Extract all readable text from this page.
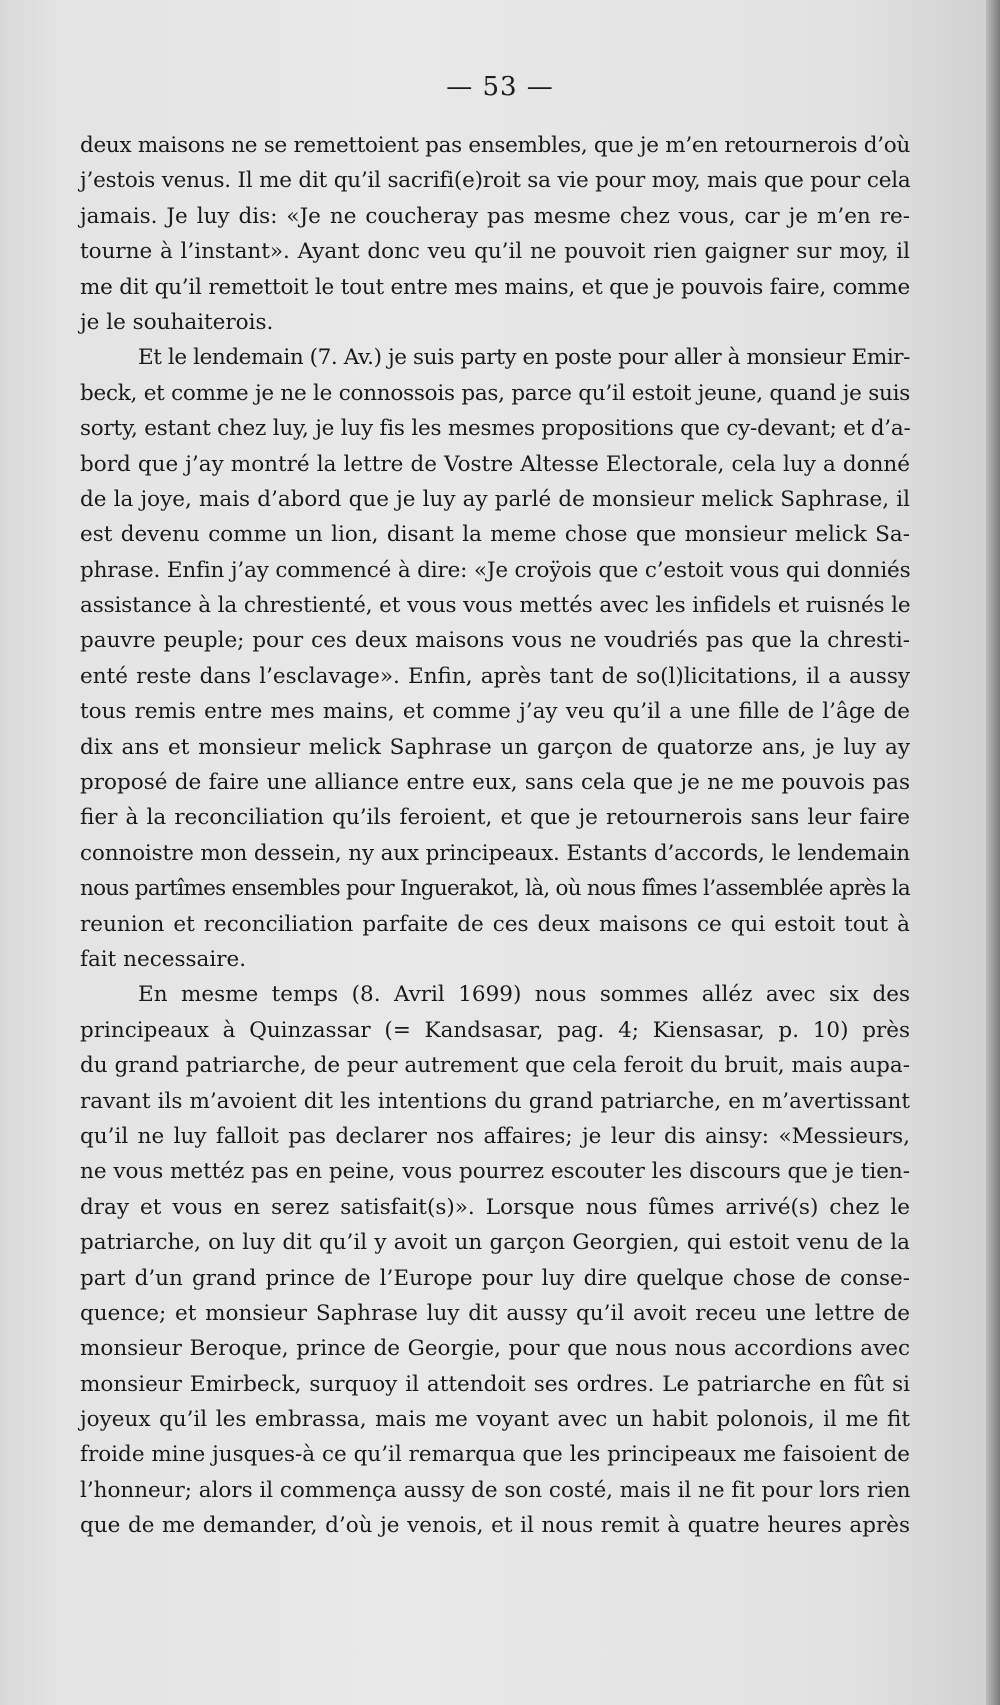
— 53 —
deux maisons ne se remettoient pas ensembles, que je m’en retournerois d’où
j’estois venus. Il me dit qu’il sacrifi(e)roit sa vie pour moy, mais que pour cela
jamais. Je luy dis: «Je ne coucheray pas mesme chez vous, car je m’en re-
tourne à l’instant». Ayant donc veu qu’il ne pouvoit rien gaigner sur moy, il
me dit qu’il remettoit le tout entre mes mains, et que je pouvois faire, comme
je le souhaiterois.
Et le lendemain (7. Av.) je suis party en poste pour aller à monsieur Emir-
beck, et comme je ne le connossois pas, parce qu’il estoit jeune, quand je suis
sorty, estant chez luy, je luy fis les mesmes propositions que cy-devant; et d’a-
bord que j’ay montré la lettre de Vostre Altesse Electorale, cela luy a donné
de la joye, mais d’abord que je luy ay parlé de monsieur melick Saphrase, il
est devenu comme un lion, disant la meme chose que monsieur melick Sa-
phrase. Enfin j’ay commencé à dire: «Je croÿois que c’estoit vous qui donniés
assistance à la chrestienté, et vous vous mettés avec les infidels et ruisnés le
pauvre peuple; pour ces deux maisons vous ne voudriés pas que la chresti-
enté reste dans l’esclavage». Enfin, après tant de so(l)licitations, il a aussy
tous remis entre mes mains, et comme j’ay veu qu’il a une fille de l’âge de
dix ans et monsieur melick Saphrase un garçon de quatorze ans, je luy ay
proposé de faire une alliance entre eux, sans cela que je ne me pouvois pas
fier à la reconciliation qu’ils feroient, et que je retournerois sans leur faire
connoistre mon dessein, ny aux principeaux. Estants d’accords, le lendemain
nous partîmes ensembles pour Inguerakot, là, où nous fîmes l’assemblée après la
reunion et reconciliation parfaite de ces deux maisons ce qui estoit tout à
fait necessaire.
En mesme temps (8. Avril 1699) nous sommes alléz avec six des
principeaux à Quinzassar (= Kandsasar, pag. 4; Kiensasar, p. 10) près
du grand patriarche, de peur autrement que cela feroit du bruit, mais aupa-
ravant ils m’avoient dit les intentions du grand patriarche, en m’avertissant
qu’il ne luy falloit pas declarer nos affaires; je leur dis ainsy: «Messieurs,
ne vous mettéz pas en peine, vous pourrez escouter les discours que je tien-
dray et vous en serez satisfait(s)». Lorsque nous fûmes arrivé(s) chez le
patriarche, on luy dit qu’il y avoit un garçon Georgien, qui estoit venu de la
part d’un grand prince de l’Europe pour luy dire quelque chose de conse-
quence; et monsieur Saphrase luy dit aussy qu’il avoit receu une lettre de
monsieur Beroque, prince de Georgie, pour que nous nous accordions avec
monsieur Emirbeck, surquoy il attendoit ses ordres. Le patriarche en fût si
joyeux qu’il les embrassa, mais me voyant avec un habit polonois, il me fit
froide mine jusques-à ce qu’il remarqua que les principeaux me faisoient de
l’honneur; alors il commença aussy de son costé, mais il ne fit pour lors rien
que de me demander, d’où je venois, et il nous remit à quatre heures après
